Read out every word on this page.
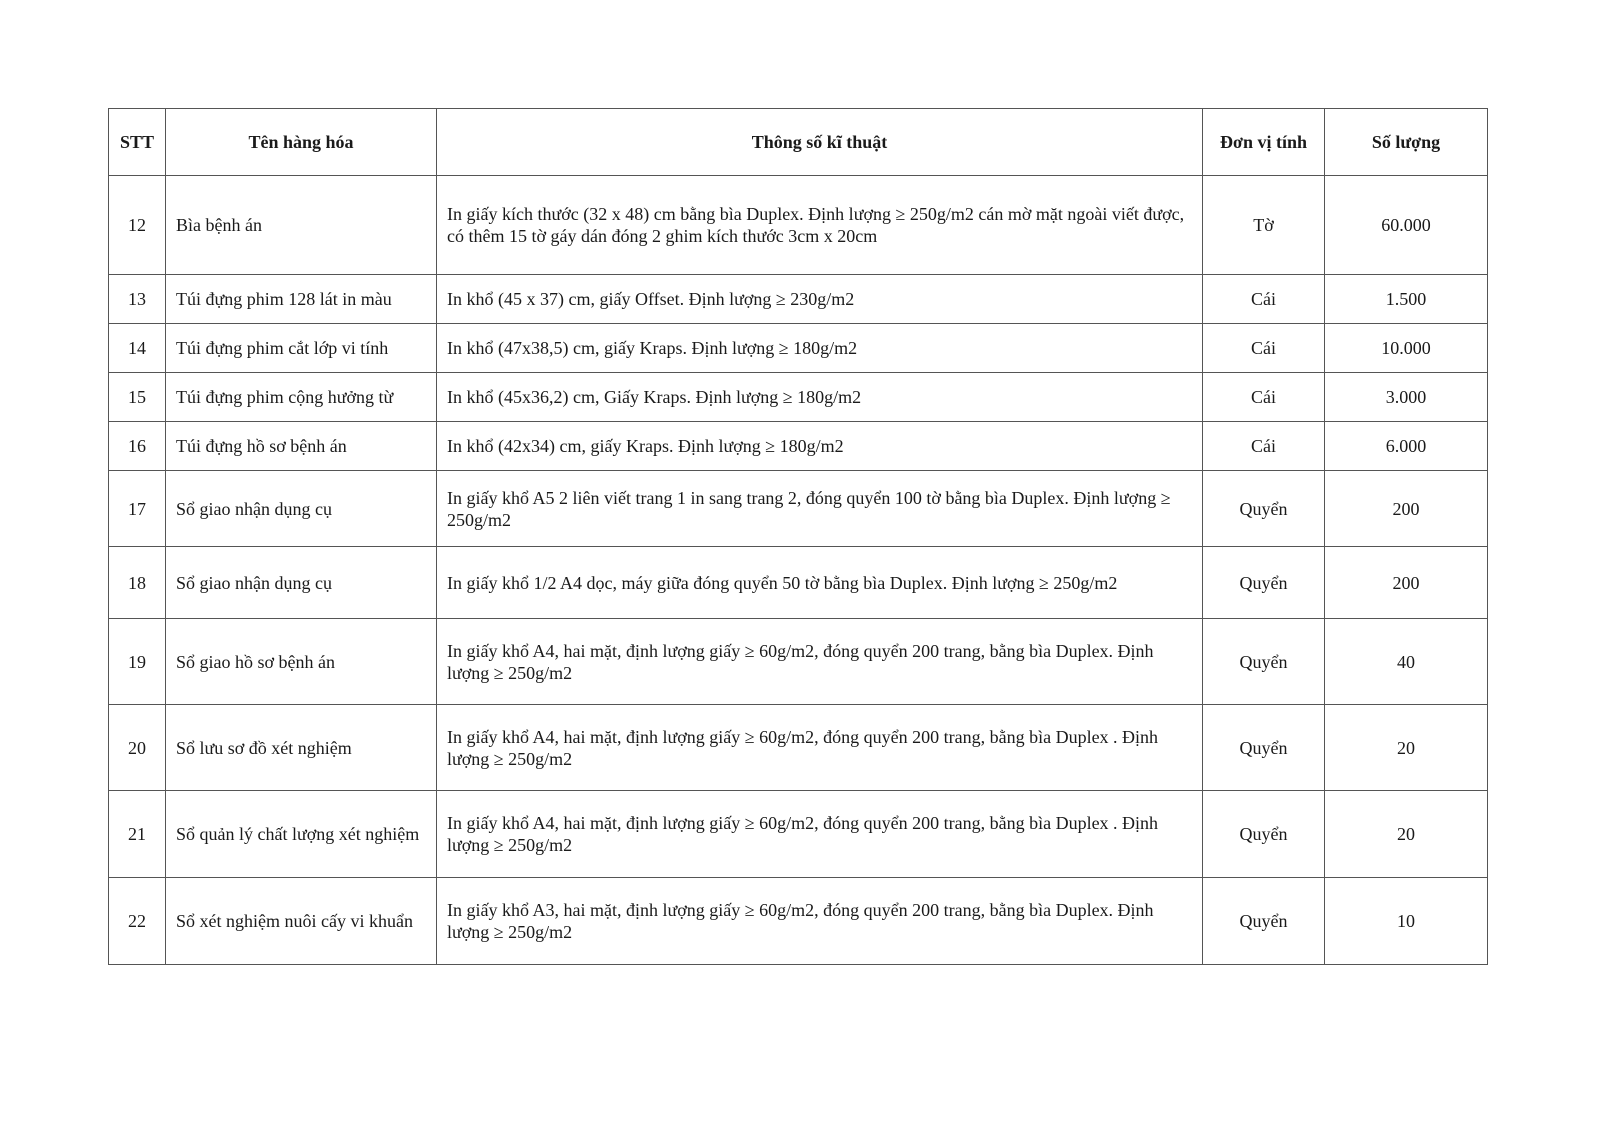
STT	Tên hàng hóa	Thông số kĩ thuật	Đơn vị tính	Số lượng
12	Bìa bệnh án	In giấy kích thước (32 x 48) cm bằng bìa Duplex. Định lượng ≥ 250g/m2 cán mờ mặt ngoài viết được, có thêm 15 tờ gáy dán đóng 2 ghim kích thước 3cm x 20cm	Tờ	60.000
13	Túi đựng phim 128 lát in màu	In khổ (45 x 37) cm, giấy Offset. Định lượng ≥ 230g/m2	Cái	1.500
14	Túi đựng phim cắt lớp vi tính	In khổ (47x38,5) cm, giấy Kraps. Định lượng ≥ 180g/m2	Cái	10.000
15	Túi đựng phim cộng hưởng từ	In khổ (45x36,2) cm, Giấy Kraps. Định lượng ≥ 180g/m2	Cái	3.000
16	Túi đựng hồ sơ bệnh án	In khổ (42x34) cm, giấy Kraps. Định lượng ≥ 180g/m2	Cái	6.000
17	Sổ giao nhận dụng cụ	In giấy khổ A5 2 liên viết trang 1 in sang trang 2, đóng quyển 100 tờ bằng bìa Duplex. Định lượng ≥ 250g/m2	Quyển	200
18	Sổ giao nhận dụng cụ	In giấy khổ 1/2 A4 dọc, máy giữa đóng quyển 50 tờ bằng bìa Duplex. Định lượng ≥ 250g/m2	Quyển	200
19	Sổ giao hồ sơ bệnh án	In giấy khổ A4, hai mặt, định lượng giấy ≥ 60g/m2, đóng quyển 200 trang, bằng bìa Duplex. Định lượng ≥ 250g/m2	Quyển	40
20	Sổ lưu sơ đồ xét nghiệm	In giấy khổ A4, hai mặt, định lượng giấy ≥ 60g/m2, đóng quyển 200 trang, bằng bìa Duplex . Định lượng ≥ 250g/m2	Quyển	20
21	Sổ quản lý chất lượng xét nghiệm	In giấy khổ A4, hai mặt, định lượng giấy ≥ 60g/m2, đóng quyển 200 trang, bằng bìa Duplex . Định lượng ≥ 250g/m2	Quyển	20
22	Sổ xét nghiệm nuôi cấy vi khuẩn	In giấy khổ A3, hai mặt, định lượng giấy ≥ 60g/m2, đóng quyển 200 trang, bằng bìa Duplex. Định lượng ≥ 250g/m2	Quyển	10
